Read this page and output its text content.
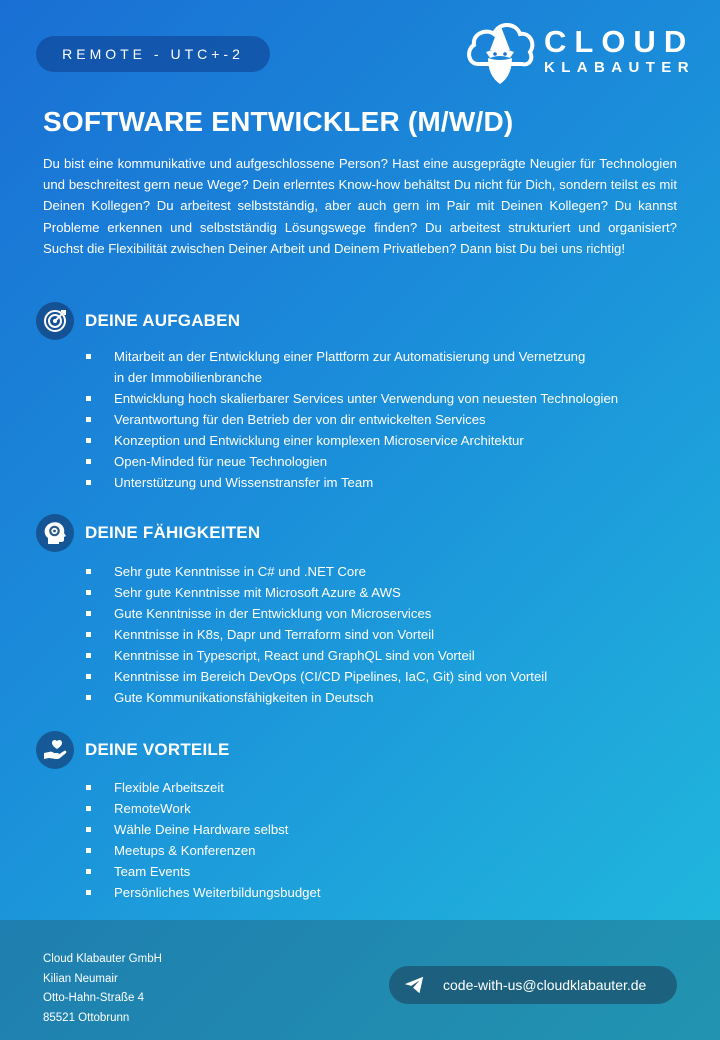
REMOTE - UTC+-2	CLOUD
KLABAUTER
SOFTWARE ENTWICKLER (M/W/D)

Du bist eine kommunikative und aufgeschlossene Person? Hast eine ausgeprägte Neugier für Technologien und beschreitest gern neue Wege? Dein erlerntes Know-how behältst Du nicht für Dich, sondern teilst es mit Deinen Kollegen? Du arbeitest selbstständig, aber auch gern im Pair mit Deinen Kollegen? Du kannst Probleme erkennen und selbstständig Lösungswege finden? Du arbeitest strukturiert und organisiert? Suchst die Flexibilität zwischen Deiner Arbeit und Deinem Privatleben? Dann bist Du bei uns richtig!

DEINE AUFGABEN
Mitarbeit an der Entwicklung einer Plattform zur Automatisierung und Vernetzung
in der Immobilienbranche
Entwicklung hoch skalierbarer Services unter Verwendung von neuesten Technologien
Verantwortung für den Betrieb der von dir entwickelten Services
Konzeption und Entwicklung einer komplexen Microservice Architektur
Open-Minded für neue Technologien
Unterstützung und Wissenstransfer im Team
DEINE FÄHIGKEITEN
Sehr gute Kenntnisse in C# und .NET Core
Sehr gute Kenntnisse mit Microsoft Azure & AWS
Gute Kenntnisse in der Entwicklung von Microservices
Kenntnisse in K8s, Dapr und Terraform sind von Vorteil
Kenntnisse in Typescript, React und GraphQL sind von Vorteil
Kenntnisse im Bereich DevOps (CI/CD Pipelines, IaC, Git) sind von Vorteil
Gute Kommunikationsfähigkeiten in Deutsch
DEINE VORTEILE
Flexible Arbeitszeit
RemoteWork
Wähle Deine Hardware selbst
Meetups & Konferenzen
Team Events
Persönliches Weiterbildungsbudget
Cloud Klabauter GmbH
Kilian Neumair
Otto-Hahn-Straße 4
85521 Ottobrunn
code-with-us@cloudklabauter.de
